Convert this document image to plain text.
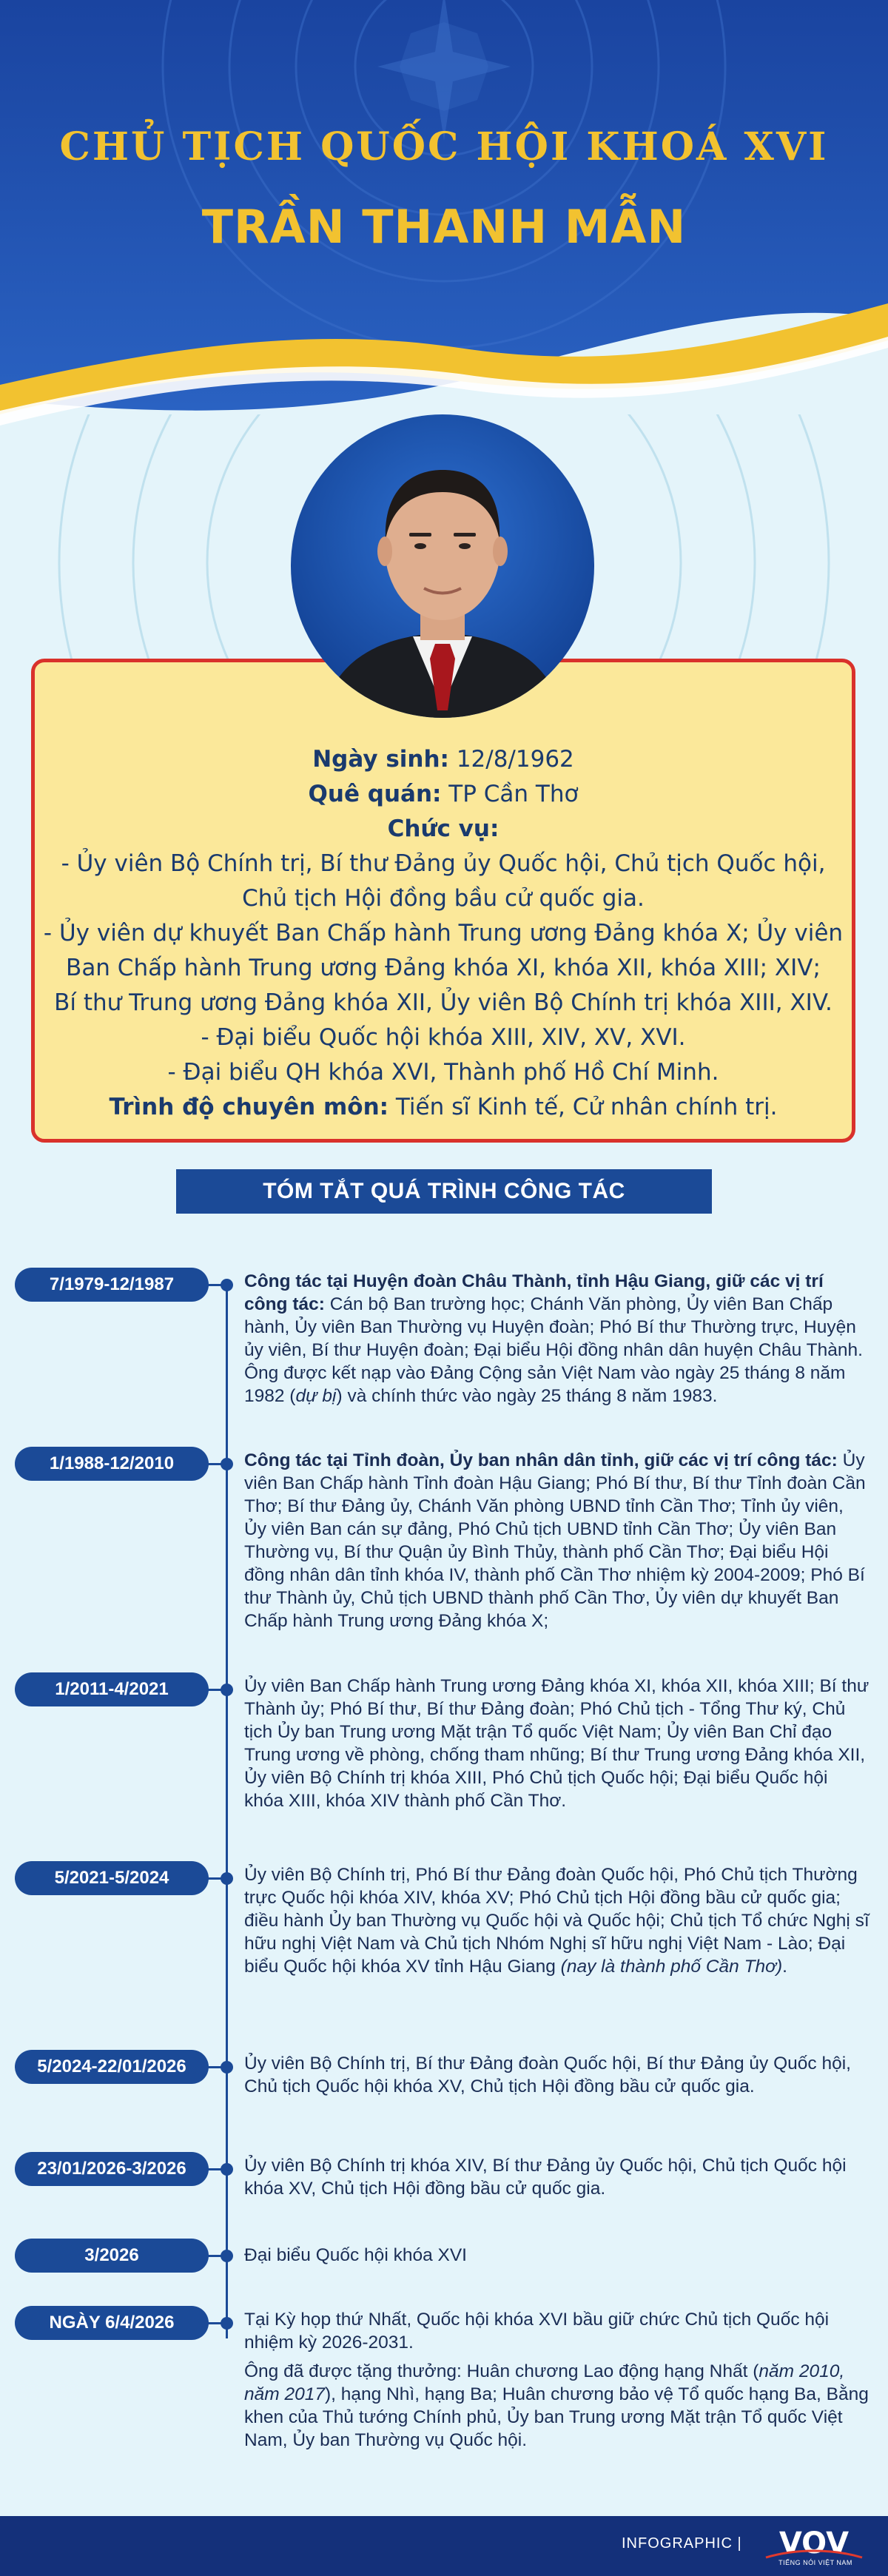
CHỦ TỊCH QUỐC HỘI KHOÁ XVI
TRẦN THANH MẪN
Ngày sinh: 12/8/1962
Quê quán: TP Cần Thơ
Chức vụ:
- Ủy viên Bộ Chính trị, Bí thư Đảng ủy Quốc hội, Chủ tịch Quốc hội,
Chủ tịch Hội đồng bầu cử quốc gia.
- Ủy viên dự khuyết Ban Chấp hành Trung ương Đảng khóa X; Ủy viên
Ban Chấp hành Trung ương Đảng khóa XI, khóa XII, khóa XIII; XIV;
Bí thư Trung ương Đảng khóa XII, Ủy viên Bộ Chính trị khóa XIII, XIV.
- Đại biểu Quốc hội khóa XIII, XIV, XV, XVI.
- Đại biểu QH khóa XVI, Thành phố Hồ Chí Minh.
Trình độ chuyên môn: Tiến sĩ Kinh tế, Cử nhân chính trị.
TÓM TẮT QUÁ TRÌNH CÔNG TÁC
7/1979-12/1987	Công tác tại Huyện đoàn Châu Thành, tỉnh Hậu Giang, giữ các vị trí công tác: Cán bộ Ban trường học; Chánh Văn phòng, Ủy viên Ban Chấp hành, Ủy viên Ban Thường vụ Huyện đoàn; Phó Bí thư Thường trực, Huyện ủy viên, Bí thư Huyện đoàn; Đại biểu Hội đồng nhân dân huyện Châu Thành. Ông được kết nạp vào Đảng Cộng sản Việt Nam vào ngày 25 tháng 8 năm 1982 (dự bị) và chính thức vào ngày 25 tháng 8 năm 1983.
1/1988-12/2010	Công tác tại Tỉnh đoàn, Ủy ban nhân dân tỉnh, giữ các vị trí công tác: Ủy viên Ban Chấp hành Tỉnh đoàn Hậu Giang; Phó Bí thư, Bí thư Tỉnh đoàn Cần Thơ; Bí thư Đảng ủy, Chánh Văn phòng UBND tỉnh Cần Thơ; Tỉnh ủy viên, Ủy viên Ban cán sự đảng, Phó Chủ tịch UBND tỉnh Cần Thơ; Ủy viên Ban Thường vụ, Bí thư Quận ủy Bình Thủy, thành phố Cần Thơ; Đại biểu Hội đồng nhân dân tỉnh khóa IV, thành phố Cần Thơ nhiệm kỳ 2004-2009; Phó Bí thư Thành ủy, Chủ tịch UBND thành phố Cần Thơ, Ủy viên dự khuyết Ban Chấp hành Trung ương Đảng khóa X;
1/2011-4/2021	Ủy viên Ban Chấp hành Trung ương Đảng khóa XI, khóa XII, khóa XIII; Bí thư Thành ủy; Phó Bí thư, Bí thư Đảng đoàn; Phó Chủ tịch - Tổng Thư ký, Chủ tịch Ủy ban Trung ương Mặt trận Tổ quốc Việt Nam; Ủy viên Ban Chỉ đạo Trung ương về phòng, chống tham nhũng; Bí thư Trung ương Đảng khóa XII, Ủy viên Bộ Chính trị khóa XIII, Phó Chủ tịch Quốc hội; Đại biểu Quốc hội khóa XIII, khóa XIV thành phố Cần Thơ.
5/2021-5/2024	Ủy viên Bộ Chính trị, Phó Bí thư Đảng đoàn Quốc hội, Phó Chủ tịch Thường trực Quốc hội khóa XIV, khóa XV; Phó Chủ tịch Hội đồng bầu cử quốc gia; điều hành Ủy ban Thường vụ Quốc hội và Quốc hội; Chủ tịch Tổ chức Nghị sĩ hữu nghị Việt Nam và Chủ tịch Nhóm Nghị sĩ hữu nghị Việt Nam - Lào; Đại biểu Quốc hội khóa XV tỉnh Hậu Giang (nay là thành phố Cần Thơ).
5/2024-22/01/2026	Ủy viên Bộ Chính trị, Bí thư Đảng đoàn Quốc hội, Bí thư Đảng ủy Quốc hội, Chủ tịch Quốc hội khóa XV, Chủ tịch Hội đồng bầu cử quốc gia.
23/01/2026-3/2026	Ủy viên Bộ Chính trị khóa XIV, Bí thư Đảng ủy Quốc hội, Chủ tịch Quốc hội khóa XV, Chủ tịch Hội đồng bầu cử quốc gia.
3/2026	Đại biểu Quốc hội khóa XVI
NGÀY 6/4/2026	Tại Kỳ họp thứ Nhất, Quốc hội khóa XVI bầu giữ chức Chủ tịch Quốc hội nhiệm kỳ 2026-2031.
Ông đã được tặng thưởng: Huân chương Lao động hạng Nhất (năm 2010, năm 2017), hạng Nhì, hạng Ba; Huân chương bảo vệ Tổ quốc hạng Ba, Bằng khen của Thủ tướng Chính phủ, Ủy ban Trung ương Mặt trận Tổ quốc Việt Nam, Ủy ban Thường vụ Quốc hội.
INFOGRAPHIC | VOV
TIẾNG NÓI VIỆT NAM
